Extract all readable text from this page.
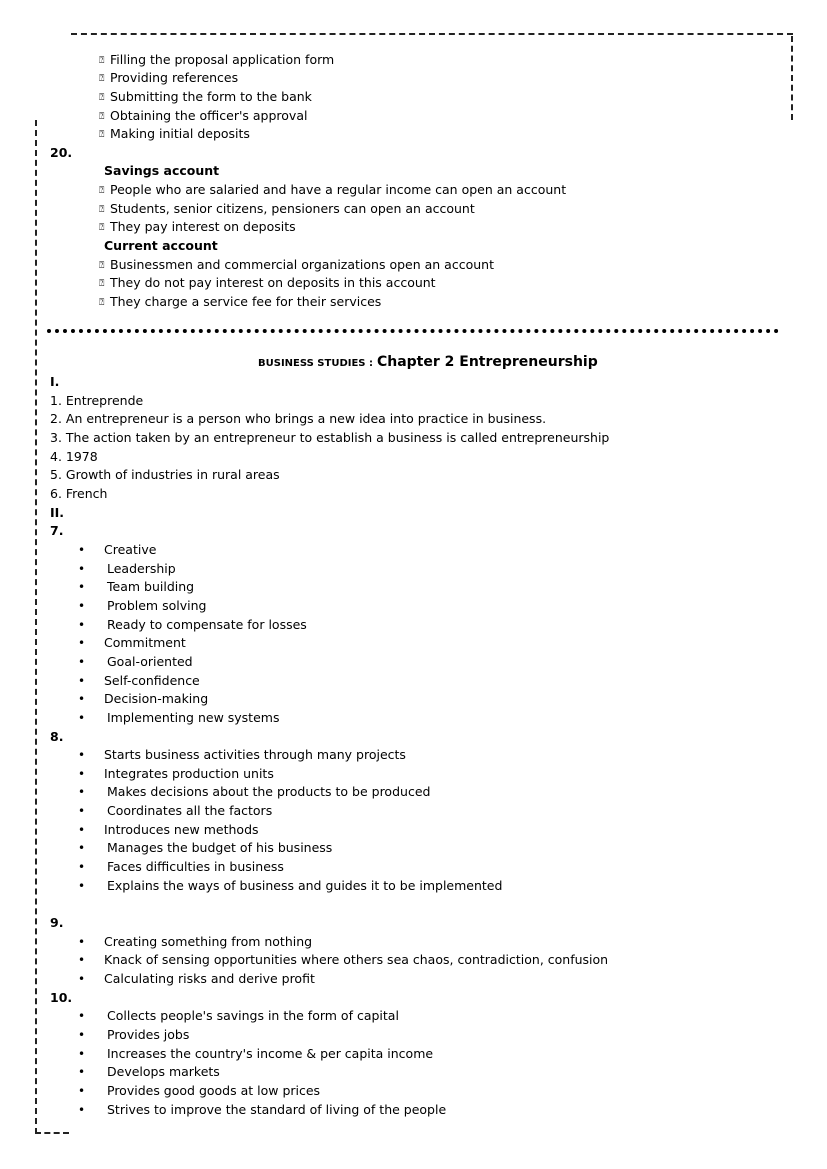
⍰ Filling the proposal application form
⍰ Providing references
⍰ Submitting the form to the bank
⍰ Obtaining the officer's approval
⍰ Making initial deposits
20.
Savings account
⍰ People who are salaried and have a regular income can open an account
⍰ Students, senior citizens, pensioners can open an account
⍰ They pay interest on deposits
Current account
⍰ Businessmen and commercial organizations open an account
⍰ They do not pay interest on deposits in this account
⍰ They charge a service fee for their services
BUSINESS STUDIES : Chapter 2 Entrepreneurship
I.
1. Entreprende
2. An entrepreneur is a person who brings a new idea into practice in business.
3. The action taken by an entrepreneur to establish a business is called entrepreneurship
4. 1978
5. Growth of industries in rural areas
6. French
II.
7.
Creative
Leadership
Team building
Problem solving
Ready to compensate for losses
Commitment
Goal-oriented
Self-confidence
Decision-making
Implementing new systems
8.
Starts business activities through many projects
Integrates production units
Makes decisions about the products to be produced
Coordinates all the factors
Introduces new methods
Manages the budget of his business
Faces difficulties in business
Explains the ways of business and guides it to be implemented
9.
Creating something from nothing
Knack of sensing opportunities where others sea chaos, contradiction, confusion
Calculating risks and derive profit
10.
Collects people's savings in the form of capital
Provides jobs
Increases the country's income & per capita income
Develops markets
Provides good goods at low prices
Strives to improve the standard of living of the people
•
•
•
•
•
•
•
•
•
•
•
•
•
•
•
•
•
•
•
•
•
•
•
•
•
•
•
